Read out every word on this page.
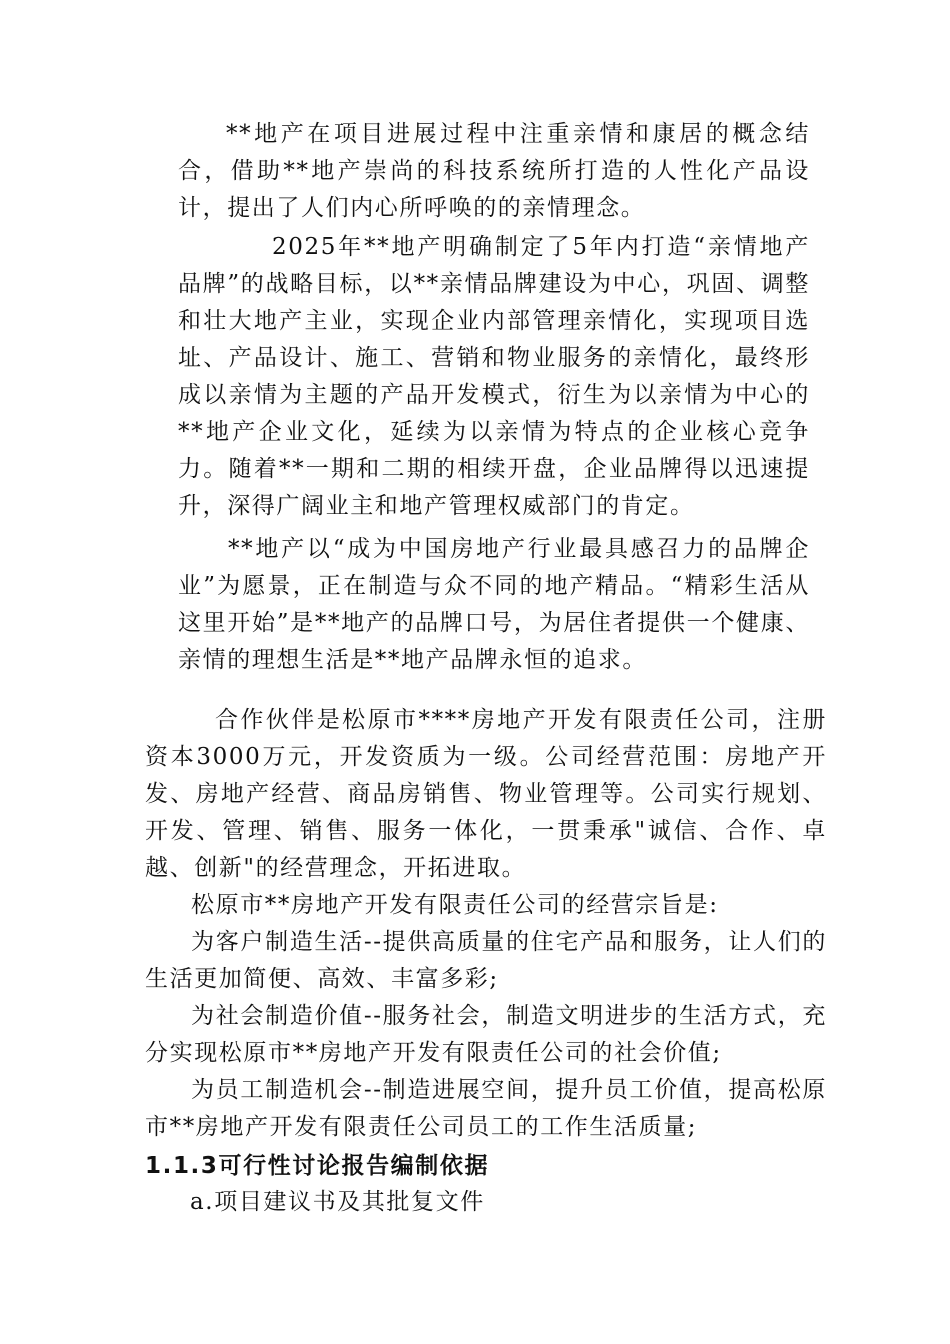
**地产在项目进展过程中注重亲情和康居的概念结合，借助**地产崇尚的科技系统所打造的人性化产品设计，提出了人们内心所呼唤的的亲情理念。

2025年**地产明确制定了5年内打造“亲情地产品牌”的战略目标，以**亲情品牌建设为中心，巩固、调整和壮大地产主业，实现企业内部管理亲情化，实现项目选址、产品设计、施工、营销和物业服务的亲情化，最终形成以亲情为主题的产品开发模式，衍生为以亲情为中心的**地产企业文化，延续为以亲情为特点的企业核心竞争力。随着**一期和二期的相续开盘，企业品牌得以迅速提升，深得广阔业主和地产管理权威部门的肯定。

**地产以“成为中国房地产行业最具感召力的品牌企业”为愿景，正在制造与众不同的地产精品。“精彩生活从这里开始”是**地产的品牌口号，为居住者提供一个健康、亲情的理想生活是**地产品牌永恒的追求。

合作伙伴是松原市****房地产开发有限责任公司，注册资本3000万元，开发资质为一级。公司经营范围：房地产开发、房地产经营、商品房销售、物业管理等。公司实行规划、开发、管理、销售、服务一体化，一贯秉承"诚信、合作、卓越、创新"的经营理念，开拓进取。

松原市**房地产开发有限责任公司的经营宗旨是:

为客户制造生活--提供高质量的住宅产品和服务，让人们的生活更加简便、高效、丰富多彩;

为社会制造价值--服务社会，制造文明进步的生活方式，充分实现松原市**房地产开发有限责任公司的社会价值;

为员工制造机会--制造进展空间，提升员工价值，提高松原市**房地产开发有限责任公司员工的工作生活质量;

1.1.3可行性讨论报告编制依据
a.项目建议书及其批复文件
